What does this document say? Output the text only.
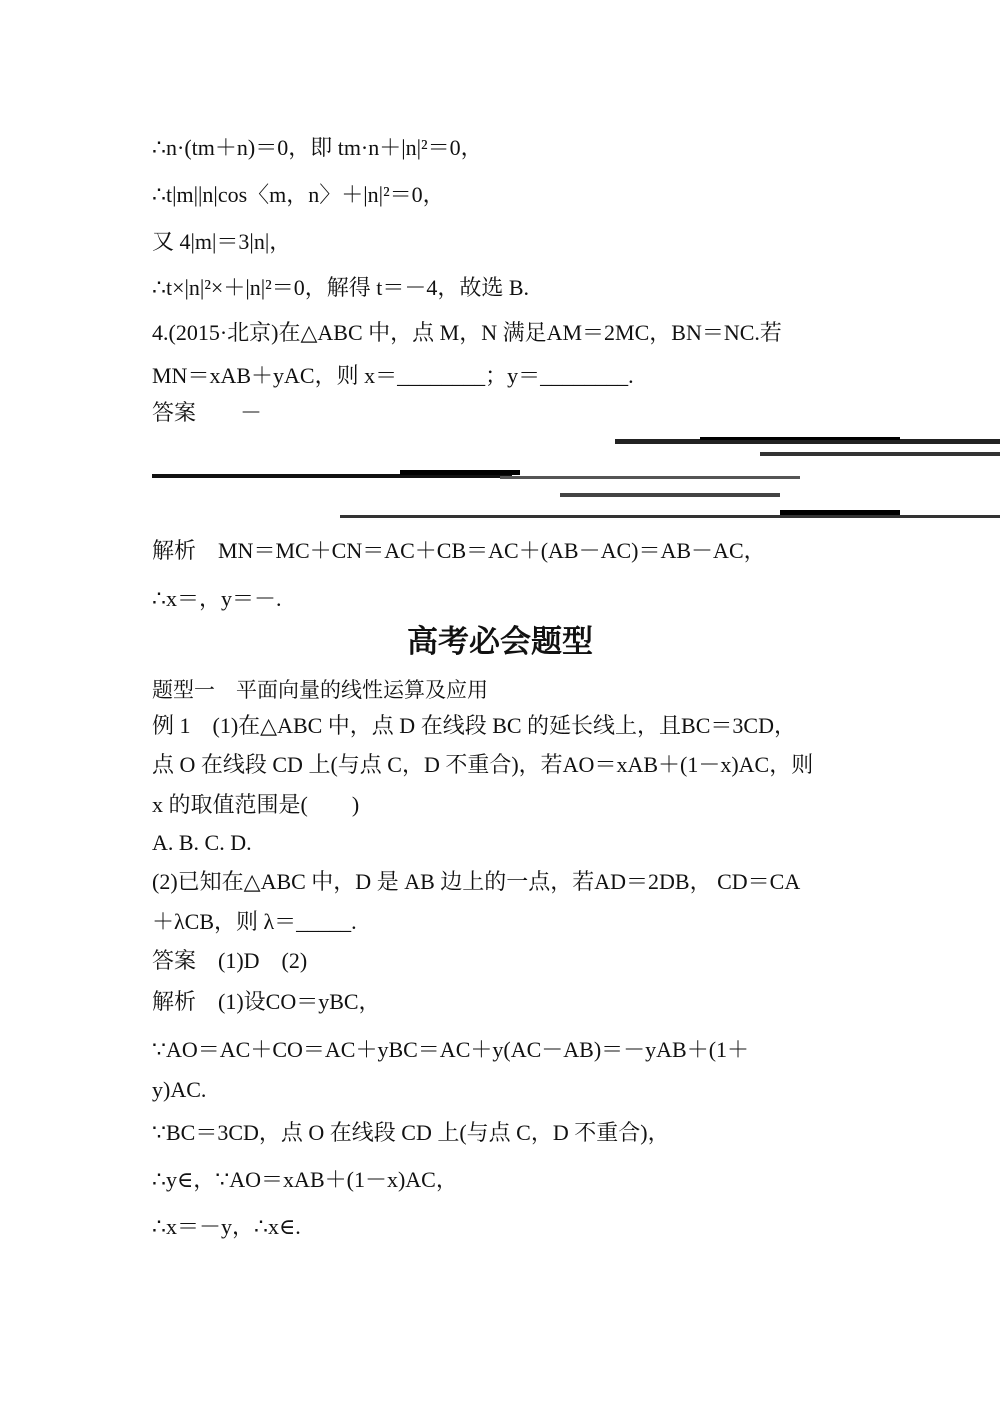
∴n·(tm＋n)＝0，即 tm·n＋|n|²＝0，
∴t|m||n|cos〈m，n〉＋|n|²＝0，
又 4|m|＝3|n|，
∴t×|n|²×＋|n|²＝0，解得 t＝－4，故选 B.
4.(2015·北京)在△ABC 中，点 M，N 满足AM＝2MC，BN＝NC.若
MN＝xAB＋yAC，则 x＝________；y＝________.
答案　　－
解析　MN＝MC＋CN＝AC＋CB＝AC＋(AB－AC)＝AB－AC，
∴x＝，y＝－.
高考必会题型
题型一　平面向量的线性运算及应用
例 1　(1)在△ABC 中，点 D 在线段 BC 的延长线上，且BC＝3CD，
点 O 在线段 CD 上(与点 C，D 不重合)，若AO＝xAB＋(1－x)AC，则
x 的取值范围是(　　)
A. B. C. D.
(2)已知在△ABC 中，D 是 AB 边上的一点，若AD＝2DB， CD＝CA
＋λCB，则 λ＝_____.
答案　(1)D　(2)
解析　(1)设CO＝yBC，
∵AO＝AC＋CO＝AC＋yBC＝AC＋y(AC－AB)＝－yAB＋(1＋
y)AC.
∵BC＝3CD，点 O 在线段 CD 上(与点 C，D 不重合)，
∴y∈，∵AO＝xAB＋(1－x)AC，
∴x＝－y，∴x∈.
